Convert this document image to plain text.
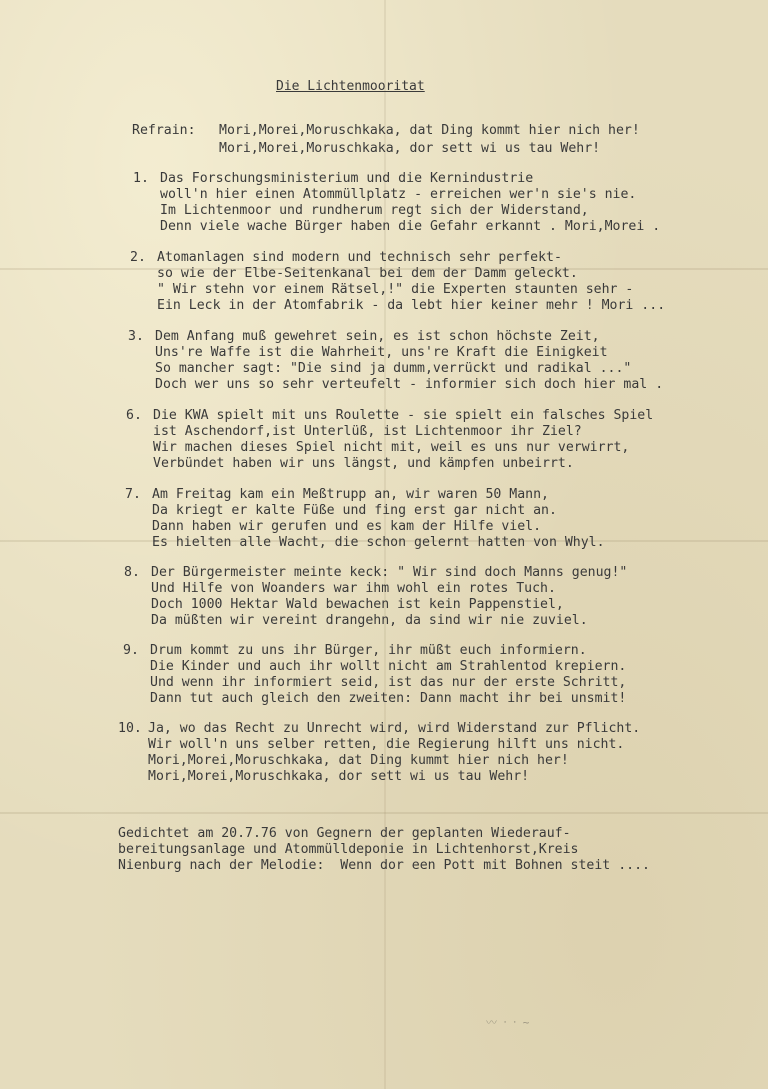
Die Lichtenmooritat
Refrain: Mori,Morei,Moruschkaka, dat Ding kommt hier nich her!
Mori,Morei,Moruschkaka, dor sett wi us tau Wehr!
1. Das Forschungsministerium und die Kernindustrie
woll'n hier einen Atommüllplatz - erreichen wer'n sie's nie.
Im Lichtenmoor und rundherum regt sich der Widerstand,
Denn viele wache Bürger haben die Gefahr erkannt . Mori,Morei .
2. Atomanlagen sind modern und technisch sehr perfekt-
so wie der Elbe-Seitenkanal bei dem der Damm geleckt.
" Wir stehn vor einem Rätsel,!" die Experten staunten sehr -
Ein Leck in der Atomfabrik - da lebt hier keiner mehr ! Mori ...
3. Dem Anfang muß gewehret sein, es ist schon höchste Zeit,
Uns're Waffe ist die Wahrheit, uns're Kraft die Einigkeit
So mancher sagt: "Die sind ja dumm,verrückt und radikal ..."
Doch wer uns so sehr verteufelt - informier sich doch hier mal .
6. Die KWA spielt mit uns Roulette - sie spielt ein falsches Spiel
ist Aschendorf,ist Unterlüß, ist Lichtenmoor ihr Ziel?
Wir machen dieses Spiel nicht mit, weil es uns nur verwirrt,
Verbündet haben wir uns längst, und kämpfen unbeirrt.
7. Am Freitag kam ein Meßtrupp an, wir waren 50 Mann,
Da kriegt er kalte Füße und fing erst gar nicht an.
Dann haben wir gerufen und es kam der Hilfe viel.
Es hielten alle Wacht, die schon gelernt hatten von Whyl.
8. Der Bürgermeister meinte keck: " Wir sind doch Manns genug!"
Und Hilfe von Woanders war ihm wohl ein rotes Tuch.
Doch 1000 Hektar Wald bewachen ist kein Pappenstiel,
Da müßten wir vereint drangehn, da sind wir nie zuviel.
9. Drum kommt zu uns ihr Bürger, ihr müßt euch informiern.
Die Kinder und auch ihr wollt nicht am Strahlentod krepiern.
Und wenn ihr informiert seid, ist das nur der erste Schritt,
Dann tut auch gleich den zweiten: Dann macht ihr bei unsmit!
10. Ja, wo das Recht zu Unrecht wird, wird Widerstand zur Pflicht.
Wir woll'n uns selber retten, die Regierung hilft uns nicht.
Mori,Morei,Moruschkaka, dat Ding kummt hier nich her!
Mori,Morei,Moruschkaka, dor sett wi us tau Wehr!
Gedichtet am 20.7.76 von Gegnern der geplanten Wiederauf-
bereitungsanlage und Atommülldeponie in Lichtenhorst,Kreis
Nienburg nach der Melodie:  Wenn dor een Pott mit Bohnen steit ....
〰 ⸱ ⸱ ~
